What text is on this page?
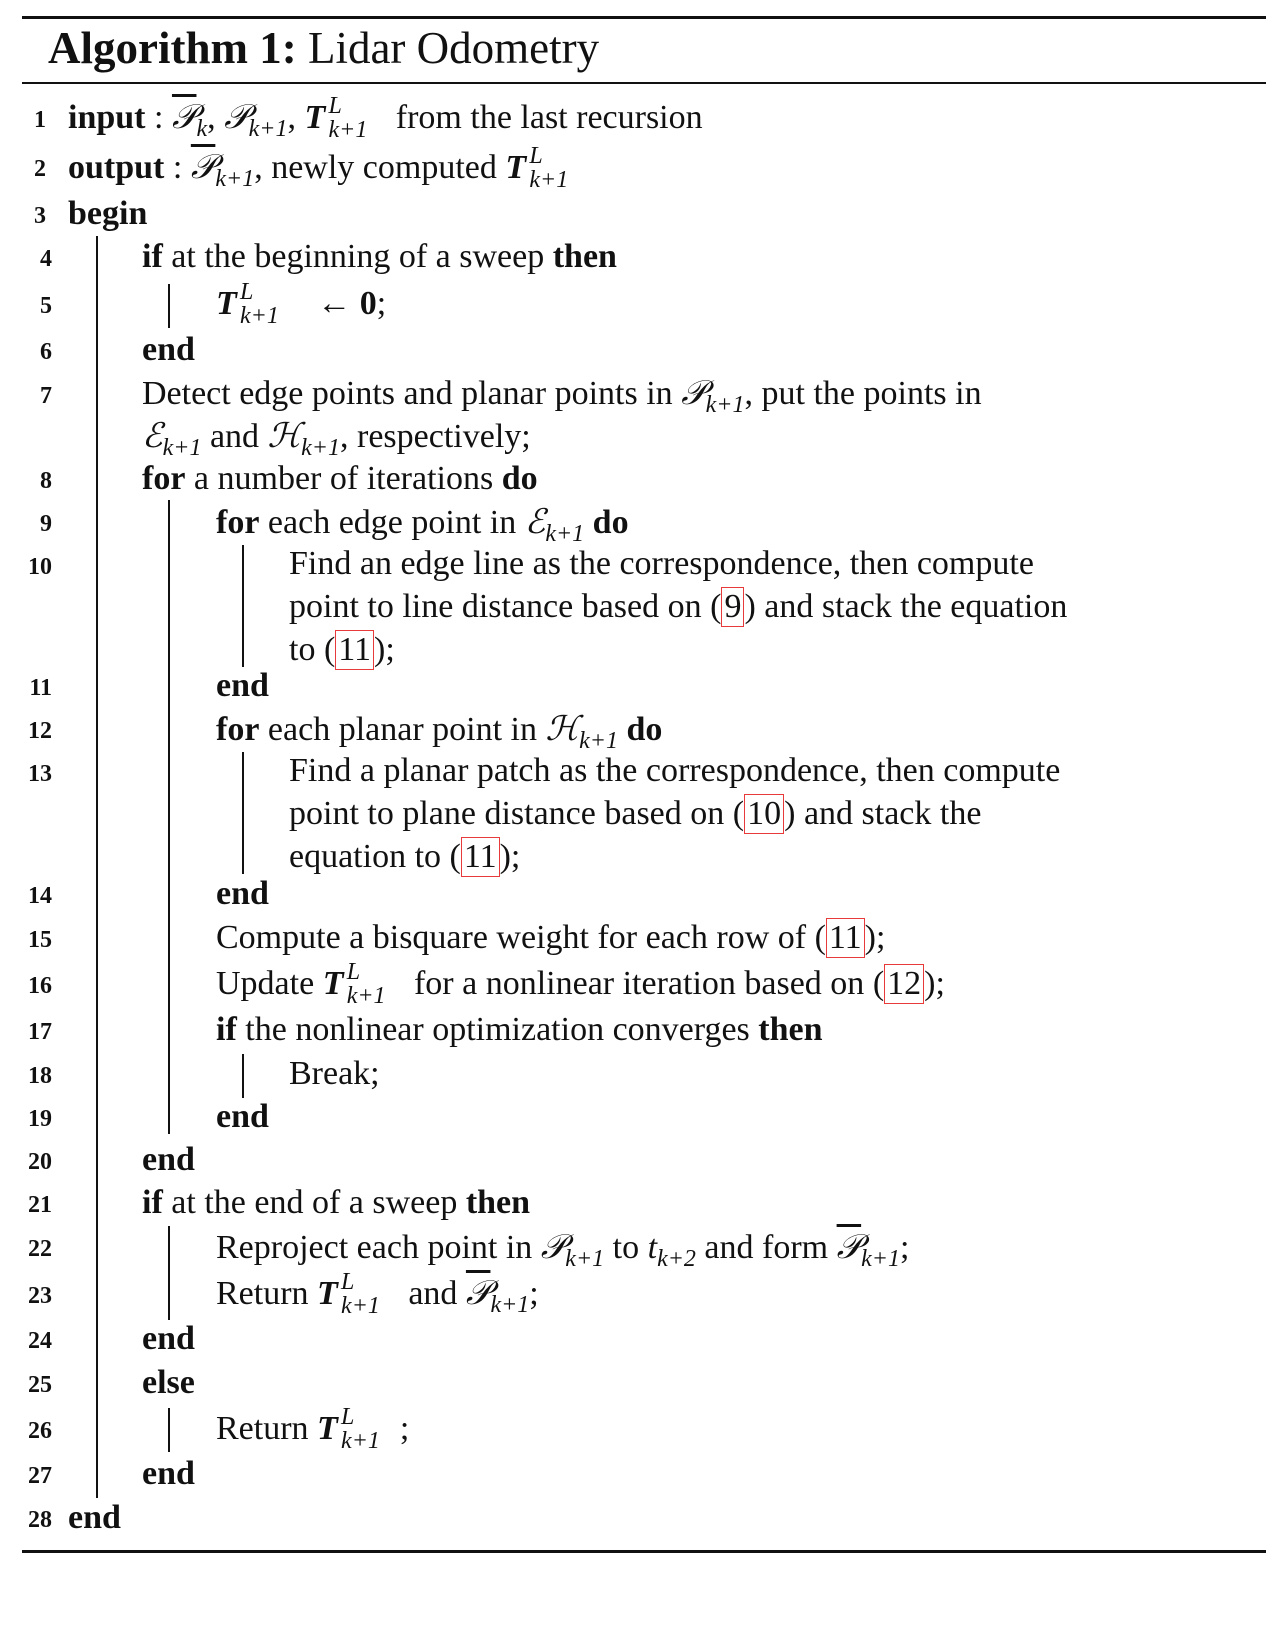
Algorithm 1: Lidar Odometry
1
2
3
4
5
6
7
8
9
10
11
12
13
14
15
16
17
18
19
20
21
22
23
24
25
26
27
28
input : 𝒫$_k$, 𝒫$_{k+1}$, T L
k+1 from the last recursion
output : 𝒫$_{k+1}$, newly computed T L
k+1
begin
if at the beginning of a sweep then
T L
k+1 ← 0;
end
Detect edge points and planar points in 𝒫$_{k+1}$, put the points in
ℰ$_{k+1}$ and ℋ$_{k+1}$, respectively;
for a number of iterations do
for each edge point in ℰ$_{k+1}$ do
Find an edge line as the correspondence, then compute
point to line distance based on (9) and stack the equation
to (11);
end
for each planar point in ℋ$_{k+1}$ do
Find a planar patch as the correspondence, then compute
point to plane distance based on (10) and stack the
equation to (11);
end
Compute a bisquare weight for each row of (11);
Update T L
k+1 for a nonlinear iteration based on (12);
if the nonlinear optimization converges then
Break;
end
end
if at the end of a sweep then
Reproject each point in 𝒫$_{k+1}$ to $t_{k+2}$ and form 𝒫$_{k+1}$;
Return T L
k+1 and 𝒫$_{k+1}$;
end
else
Return T L
k+1 ;
end
end
